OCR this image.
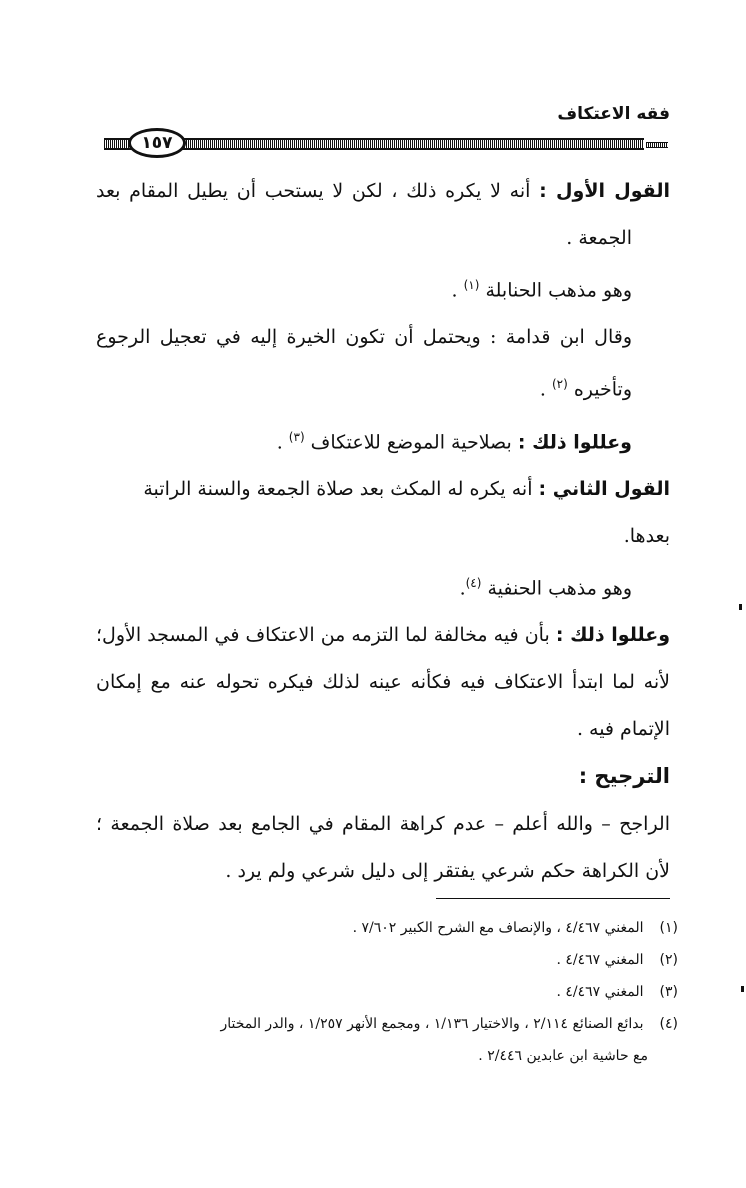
فقه الاعتكاف
١٥٧

القول الأول : أنه لا يكره ذلك ، لكن لا يستحب أن يطيل المقام بعد

الجمعة .

وهو مذهب الحنابلة $^{(١)}$ .

وقال ابن قدامة : ويحتمل أن تكون الخيرة إليه في تعجيل الرجوع

وتأخيره $^{(٢)}$ .

وعللوا ذلك : بصلاحية الموضع للاعتكاف $^{(٣)}$ .

القول الثاني : أنه يكره له المكث بعد صلاة الجمعة والسنة الراتبة بعدها.

وهو مذهب الحنفية $^{(٤)}$.

وعللوا ذلك : بأن فيه مخالفة لما التزمه من الاعتكاف في المسجد الأول؛

لأنه لما ابتدأ الاعتكاف فيه فكأنه عينه لذلك فيكره تحوله عنه مع إمكان

الإتمام فيه .

الترجيح :

الراجح – والله أعلم – عدم كراهة المقام في الجامع بعد صلاة الجمعة ؛

لأن الكراهة حكم شرعي يفتقر إلى دليل شرعي ولم يرد .

(١) المغني ٤/٤٦٧ ، والإنصاف مع الشرح الكبير ٧/٦٠٢ .

(٢) المغني ٤/٤٦٧ .

(٣) المغني ٤/٤٦٧ .

(٤) بدائع الصنائع ٢/١١٤ ، والاختيار ١/١٣٦ ، ومجمع الأنهر ١/٢٥٧ ، والدر المختار

مع حاشية ابن عابدين ٢/٤٤٦ .
